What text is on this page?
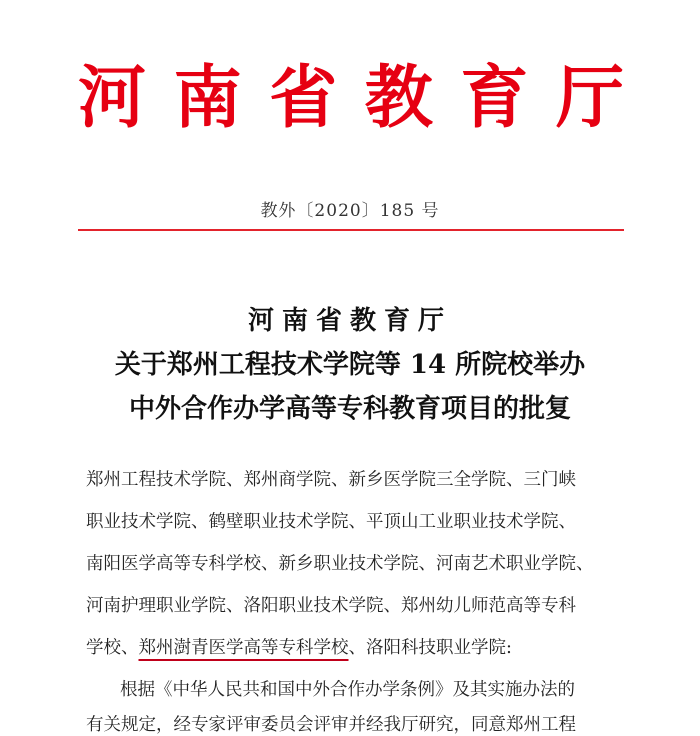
河 南 省 教 育 厅
教外〔2020〕185 号
河南省教育厅
关于郑州工程技术学院等 14 所院校举办
中外合作办学高等专科教育项目的批复
郑州工程技术学院、郑州商学院、新乡医学院三全学院、三门峡
职业技术学院、鹤壁职业技术学院、平顶山工业职业技术学院、
南阳医学高等专科学校、新乡职业技术学院、河南艺术职业学院、
河南护理职业学院、洛阳职业技术学院、郑州幼儿师范高等专科
学校、郑州澍青医学高等专科学校、洛阳科技职业学院:
根据《中华人民共和国中外合作办学条例》及其实施办法的
有关规定，经专家评审委员会评审并经我厅研究，同意郑州工程
